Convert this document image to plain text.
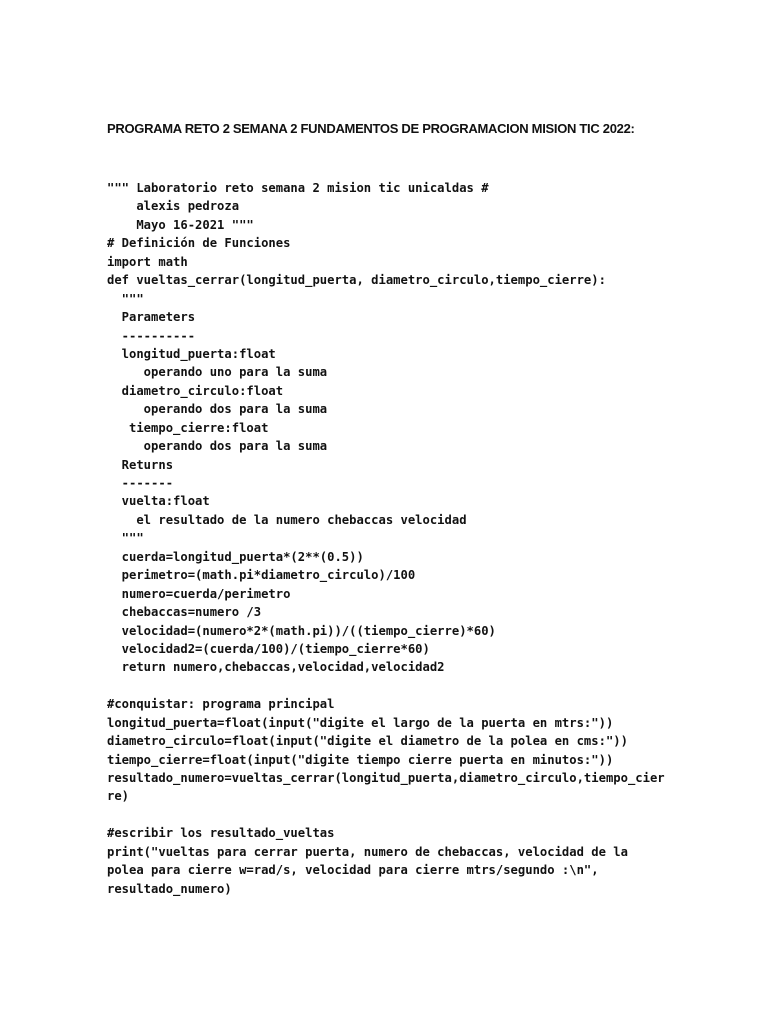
PROGRAMA RETO 2 SEMANA 2 FUNDAMENTOS DE PROGRAMACION MISION TIC 2022:
""" Laboratorio reto semana 2 mision tic unicaldas #
alexis pedroza
Mayo 16-2021 """
# Definición de Funciones
import math
def vueltas_cerrar(longitud_puerta, diametro_circulo,tiempo_cierre):
"""
Parameters
----------
longitud_puerta:float
operando uno para la suma
diametro_circulo:float
operando dos para la suma
tiempo_cierre:float
operando dos para la suma
Returns
-------
vuelta:float
el resultado de la numero chebaccas velocidad
"""
cuerda=longitud_puerta*(2**(0.5))
perimetro=(math.pi*diametro_circulo)/100
numero=cuerda/perimetro
chebaccas=numero /3
velocidad=(numero*2*(math.pi))/((tiempo_cierre)*60)
velocidad2=(cuerda/100)/(tiempo_cierre*60)
return numero,chebaccas,velocidad,velocidad2
#conquistar: programa principal
longitud_puerta=float(input("digite el largo de la puerta en mtrs:"))
diametro_circulo=float(input("digite el diametro de la polea en cms:"))
tiempo_cierre=float(input("digite tiempo cierre puerta en minutos:"))
resultado_numero=vueltas_cerrar(longitud_puerta,diametro_circulo,tiempo_cier
re)
#escribir los resultado_vueltas
print("vueltas para cerrar puerta, numero de chebaccas, velocidad de la
polea para cierre w=rad/s, velocidad para cierre mtrs/segundo :\n",
resultado_numero)
